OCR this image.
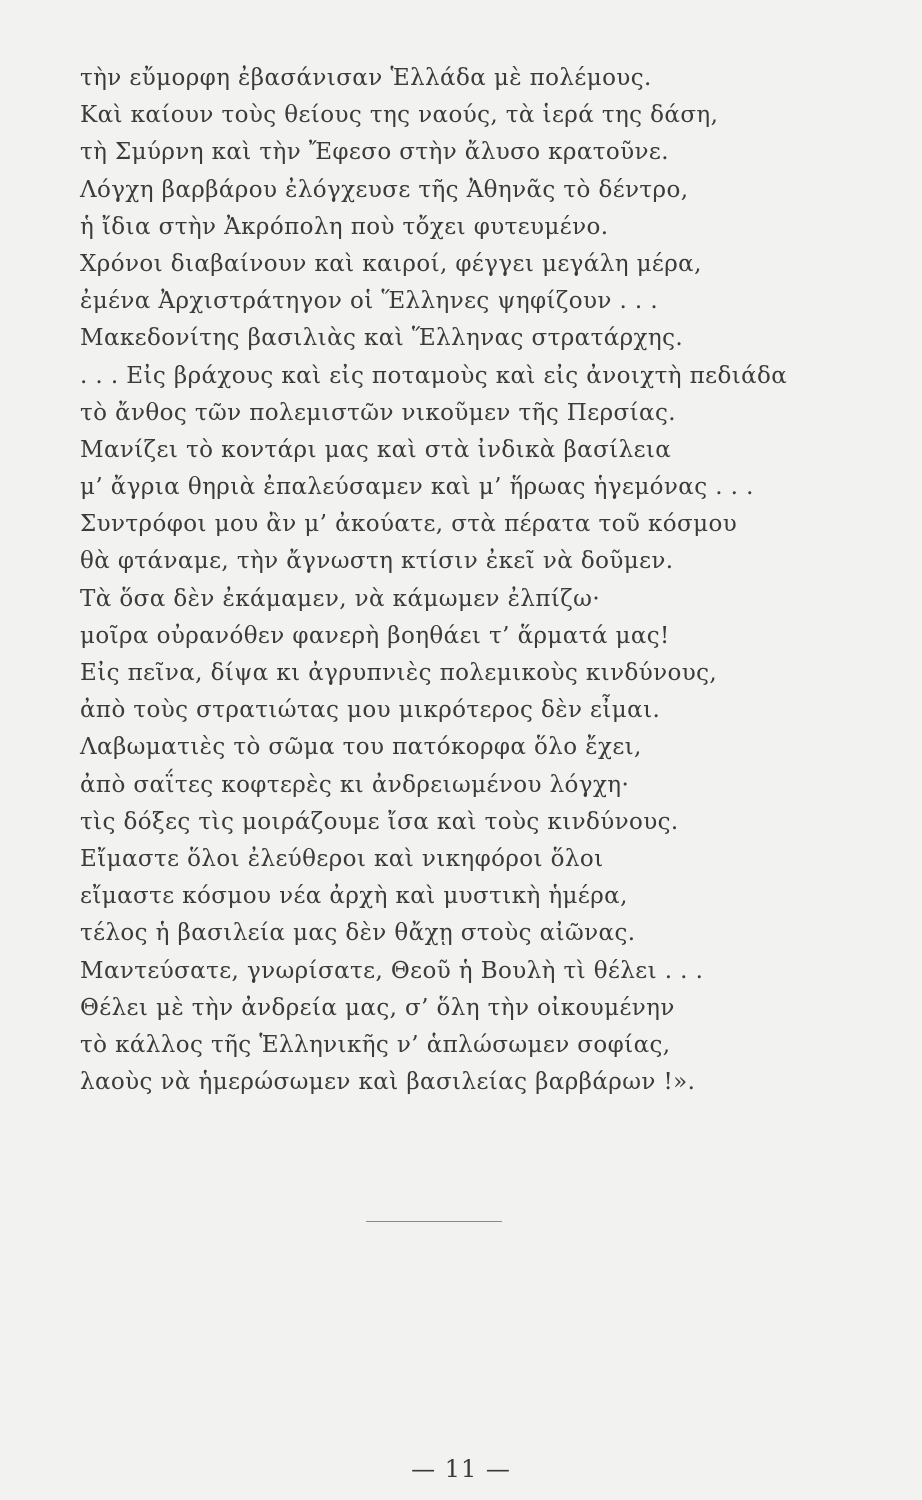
τὴν εὔμορφη ἐβασάνισαν Ἑλλάδα μὲ πολέμους.
Καὶ καίουν τοὺς θείους της ναούς, τὰ ἱερά της δάση,
τὴ Σμύρνη καὶ τὴν Ἔφεσο στὴν ἄλυσο κρατοῦνε.
Λόγχη βαρβάρου ἐλόγχευσε τῆς Ἀθηνᾶς τὸ δέντρο,
ἡ ἴδια στὴν Ἀκρόπολη ποὺ τὄχει φυτευμένο.
Χρόνοι διαβαίνουν καὶ καιροί, φέγγει μεγάλη μέρα,
ἐμένα Ἀρχιστράτηγον οἱ Ἕλληνες ψηφίζουν . . .
Μακεδονίτης βασιλιὰς καὶ Ἕλληνας στρατάρχης.
. . . Εἰς βράχους καὶ εἰς ποταμοὺς καὶ εἰς ἀνοιχτὴ πεδιάδα
τὸ ἄνθος τῶν πολεμιστῶν νικοῦμεν τῆς Περσίας.
Μανίζει τὸ κοντάρι μας καὶ στὰ ἰνδικὰ βασίλεια
μ’ ἄγρια θηριὰ ἐπαλεύσαμεν καὶ μ’ ἥρωας ἡγεμόνας . . .
Συντρόφοι μου ἂν μ’ ἀκούατε, στὰ πέρατα τοῦ κόσμου
θὰ φτάναμε, τὴν ἄγνωστη κτίσιν ἐκεῖ νὰ δοῦμεν.
Τὰ ὅσα δὲν ἐκάμαμεν, νὰ κάμωμεν ἐλπίζω·
μοῖρα οὐρανόθεν φανερὴ βοηθάει τ’ ἅρματά μας!
Εἰς πεῖνα, δίψα κι ἀγρυπνιὲς πολεμικοὺς κινδύνους,
ἀπὸ τοὺς στρατιώτας μου μικρότερος δὲν εἶμαι.
Λαβωματιὲς τὸ σῶμα του πατόκορφα ὅλο ἔχει,
ἀπὸ σαΐτες κοφτερὲς κι ἀνδρειωμένου λόγχη·
τὶς δόξες τὶς μοιράζουμε ἴσα καὶ τοὺς κινδύνους.
Εἴμαστε ὅλοι ἐλεύθεροι καὶ νικηφόροι ὅλοι
εἴμαστε κόσμου νέα ἀρχὴ καὶ μυστικὴ ἡμέρα,
τέλος ἡ βασιλεία μας δὲν θἄχῃ στοὺς αἰῶνας.
Μαντεύσατε, γνωρίσατε, Θεοῦ ἡ Βουλὴ τὶ θέλει . . .
Θέλει μὲ τὴν ἀνδρεία μας, σ’ ὅλη τὴν οἰκουμένην
τὸ κάλλος τῆς Ἑλληνικῆς ν’ ἁπλώσωμεν σοφίας,
λαοὺς νὰ ἡμερώσωμεν καὶ βασιλείας βαρβάρων !».
— 11 —
